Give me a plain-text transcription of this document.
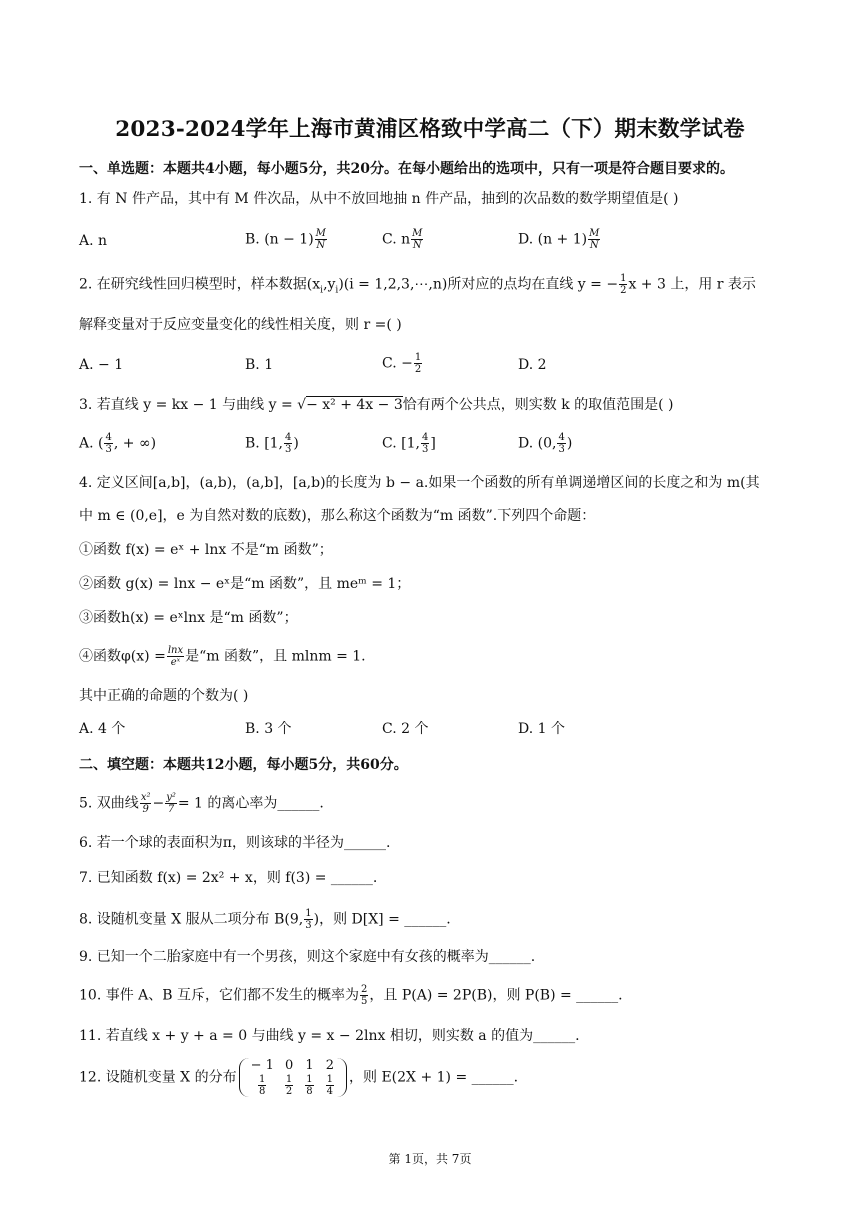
2023-2024学年上海市黄浦区格致中学高二（下）期末数学试卷
一、单选题：本题共4小题，每小题5分，共20分。在每小题给出的选项中，只有一项是符合题目要求的。
1. 有 N 件产品，其中有 M 件次品，从中不放回地抽 n 件产品，抽到的次品数的数学期望值是( )
A. n	B. $(n - 1) \frac{M}{N}$	C. n $\frac{M}{N}$	D. $(n + 1) \frac{M}{N}$
2. 在研究线性回归模型时，样本数据$(x_i,y_i)(i$ = 1,2,3,⋯,n)所对应的点均在直线 y = − $\frac{1}{2}$ x + 3 上，用 r 表示
解释变量对于反应变量变化的线性相关度，则 r =( )
A. − 1	B. 1	C. − $\frac{1}{2}$	D. 2
3. 若直线 y = kx − 1 与曲线 y = √− x² + 4x − 3恰有两个公共点，则实数 k 的取值范围是( )
A. ( $\frac{4}{3}$ , + ∞)	B. [1, $\frac{4}{3}$ )	C. [1, $\frac{4}{3}$ ]	D. (0, $\frac{4}{3}$ )
4. 定义区间[a,b]，(a,b)，(a,b]，[a,b)的长度为 b − a.如果一个函数的所有单调递增区间的长度之和为 m(其
中 m ∈ (0,e]，e 为自然对数的底数)，那么称这个函数为“m 函数”.下列四个命题：
①函数 f(x) = eˣ + lnx 不是“m 函数”；
②函数 g(x) = lnx − eˣ是“m 函数”，且 meᵐ = 1；
③函数h(x) = eˣlnx 是“m 函数”；
④函数$\varphi(x) = \frac{\ln x}{\text{eˣ}}$ 是“m 函数”，且 mlnm = 1.
其中正确的命题的个数为( )
A. 4 个	B. 3 个	C. 2 个	D. 1 个
二、填空题：本题共12小题，每小题5分，共60分。
5. 双曲线 $\frac{\text{x²}}{9} - \frac{\text{y²}}{7} = 1$ 的离心率为______.
6. 若一个球的表面积为π，则该球的半径为______.
7. 已知函数 f(x) = 2x² + x，则 f(3) = ______.
8. 设随机变量 X 服从二项分布 B(9, $\frac{1}{3}$ )，则 D[X] = ______.
9. 已知一个二胎家庭中有一个男孩，则这个家庭中有女孩的概率为______.
10. 事件 A、B 互斥，它们都不发生的概率为 $\frac{2}{5}$ ，且 P(A) = 2P(B)，则 P(B) = ______.
11. 若直线 x + y + a = 0 与曲线 y = x − 2lnx 相切，则实数 a 的值为______.
12. 设随机变量 X 的分布
− 1	0	1	2

$\frac{1}{8}$	$\frac{1}{2}$	$\frac{1}{8}$	$\frac{1}{4}$ ，则 E(2X + 1) = ______.
第 1页，共 7页
